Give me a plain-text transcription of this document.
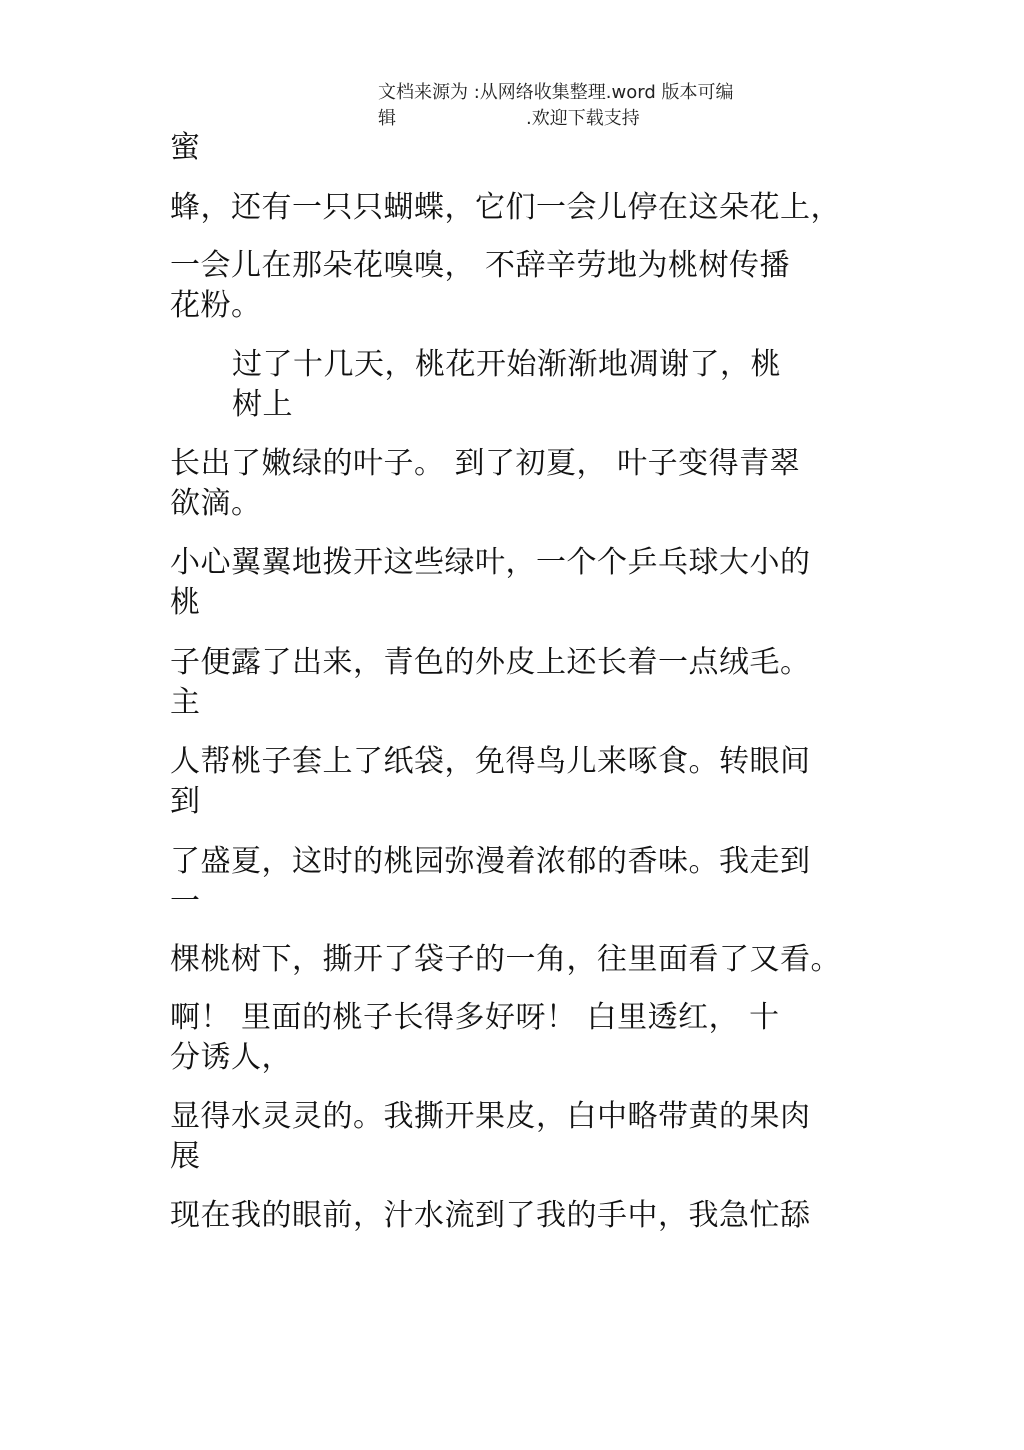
文档来源为 :从网络收集整理.word 版本可编
辑	.欢迎下载支持
蜜
蜂，还有一只只蝴蝶，它们一会儿停在这朵花上，
一会儿在那朵花嗅嗅， 不辞辛劳地为桃树传播
花粉。
过了十几天，桃花开始渐渐地凋谢了，桃
树上
长出了嫩绿的叶子。 到了初夏， 叶子变得青翠
欲滴。
小心翼翼地拨开这些绿叶，一个个乒乓球大小的
桃
子便露了出来，青色的外皮上还长着一点绒毛。
主
人帮桃子套上了纸袋，免得鸟儿来啄食。转眼间
到
了盛夏，这时的桃园弥漫着浓郁的香味。我走到
一
棵桃树下，撕开了袋子的一角，往里面看了又看。
啊！ 里面的桃子长得多好呀！ 白里透红， 十
分诱人，
显得水灵灵的。我撕开果皮，白中略带黄的果肉
展
现在我的眼前，汁水流到了我的手中，我急忙舔
